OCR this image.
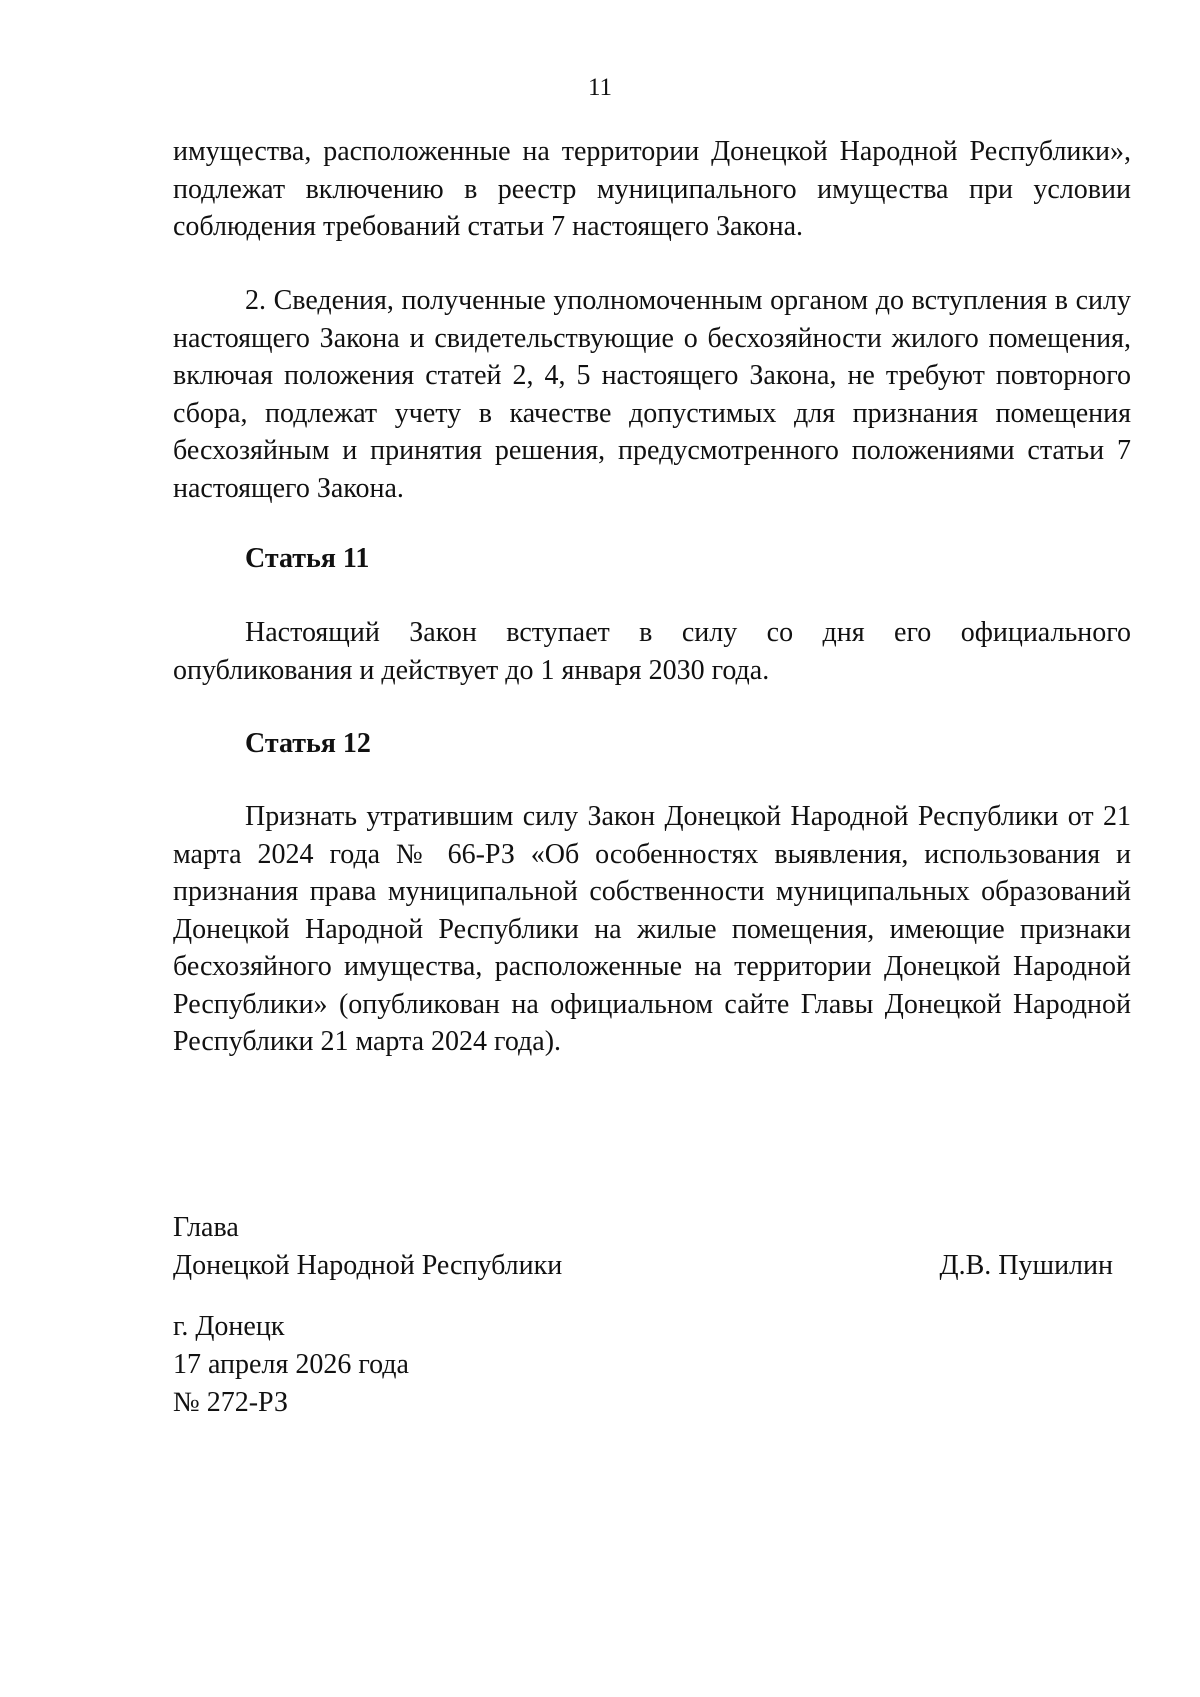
11

имущества, расположенные на территории Донецкой Народной Республики», подлежат включению в реестр муниципального имущества при условии соблюдения требований статьи 7 настоящего Закона.

2. Сведения, полученные уполномоченным органом до вступления в силу настоящего Закона и свидетельствующие о бесхозяйности жилого помещения, включая положения статей 2, 4, 5 настоящего Закона, не требуют повторного сбора, подлежат учету в качестве допустимых для признания помещения бесхозяйным и принятия решения, предусмотренного положениями статьи 7 настоящего Закона.

Статья 11

Настоящий Закон вступает в силу со дня его официального опубликования и действует до 1 января 2030 года.

Статья 12

Признать утратившим силу Закон Донецкой Народной Республики от 21 марта 2024 года № 66-РЗ «Об особенностях выявления, использования и признания права муниципальной собственности муниципальных образований Донецкой Народной Республики на жилые помещения, имеющие признаки бесхозяйного имущества, расположенные на территории Донецкой Народной Республики» (опубликован на официальном сайте Главы Донецкой Народной Республики 21 марта 2024 года).

Глава
Донецкой Народной Республики	Д.В. Пушилин
г. Донецк
17 апреля 2026 года
№ 272-РЗ
